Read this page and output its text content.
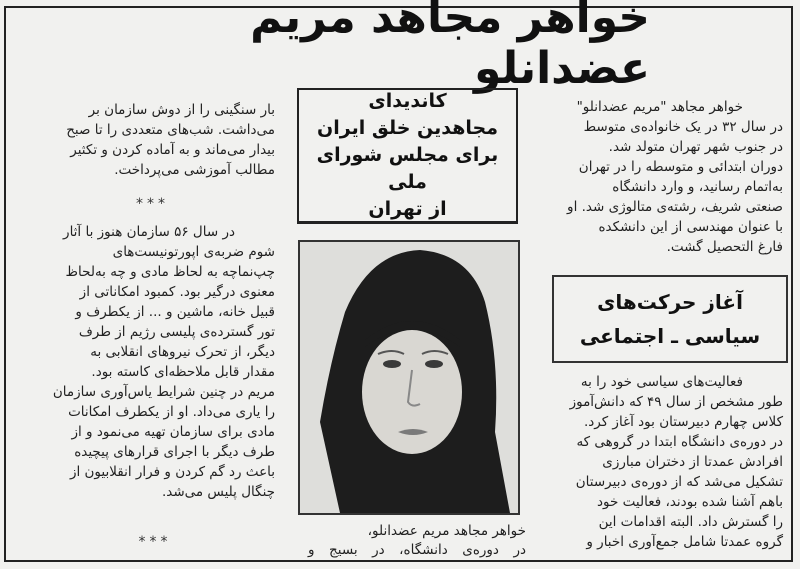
خواهر مجاهد مریم عضدانلو

بار سنگینی را از دوش سازمان بر

می‌داشت. شب‌های متعددی را تا صبح

بیدار می‌ماند و به آماده کردن و تکثیر

مطالب آموزشی می‌پرداخت.

***

در سال ۵۶ سازمان هنوز با آثار

شوم ضربه‌ی اپورتونیست‌های

چپ‌نماچه به لحاظ مادی و چه به‌لحاظ

معنوی درگیر بود. کمبود امکاناتی از

قبیل خانه، ماشین و ... از یکطرف و

تور گسترده‌ی پلیسی رژیم از طرف

دیگر، از تحرک نیروهای انقلابی به

مقدار قابل ملاحظه‌ای کاسته بود.

مریم در چنین شرایط یاس‌آوری سازمان

را یاری می‌داد. او از یکطرف امکانات

مادی برای سازمان تهیه می‌نمود و از

طرف دیگر با اجرای قرارهای پیچیده

باعث رد گم کردن و فرار انقلابیون از

چنگال پلیس می‌شد.

***
کاندیدای
مجاهدین خلق ایران
برای مجلس شورای ملی
از تهران
خواهر مجاهد مریم عضدانلو،
در دوره‌ی دانشگاه، در بسیج و

خواهر مجاهد "مریم عضدانلو"

در سال ۳۲ در یک خانواده‌ی متوسط

در جنوب شهر تهران متولد شد.

دوران ابتدائی و متوسطه را در تهران

به‌اتمام رسانید، و وارد دانشگاه

صنعتی شریف، رشته‌ی متالوژی شد. او

با عنوان مهندسی از این دانشکده

فارغ التحصیل گشت.

آغاز حرکت‌های
سیاسی ـ اجتماعی

فعالیت‌های سیاسی خود را به

طور مشخص از سال ۴۹ که دانش‌آموز

کلاس چهارم دبیرستان بود آغاز کرد.

در دوره‌ی دانشگاه ابتدا در گروهی که

افرادش عمدتا از دختران مبارزی

تشکیل می‌شد که از دوره‌ی دبیرستان

باهم آشنا شده بودند، فعالیت خود

را گسترش داد. البته اقدامات این

گروه عمدتا شامل جمع‌آوری اخبار و
